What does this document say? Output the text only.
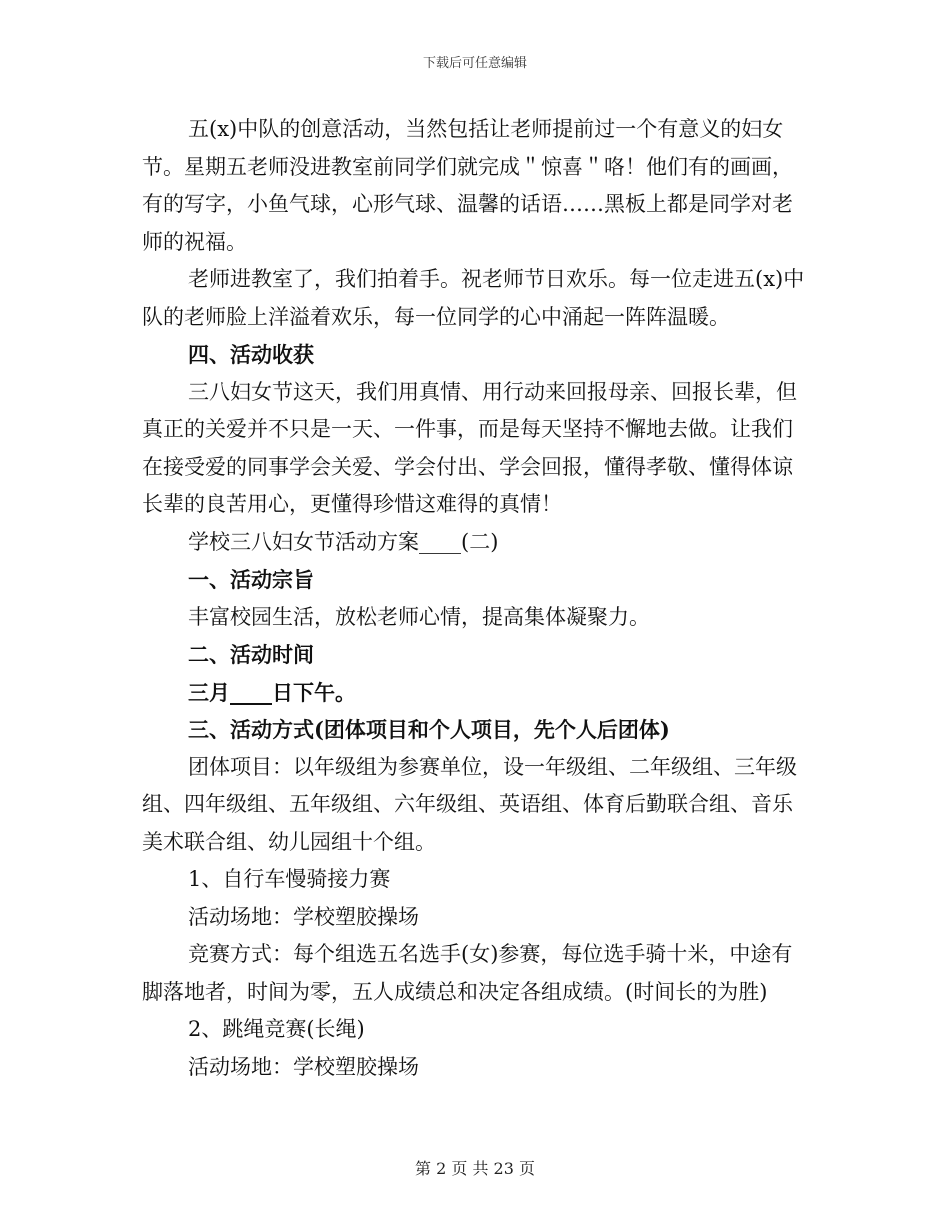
下载后可任意编辑

五(x)中队的创意活动，当然包括让老师提前过一个有意义的妇女节。星期五老师没进教室前同学们就完成＂惊喜＂咯！他们有的画画，有的写字，小鱼气球，心形气球、温馨的话语……黑板上都是同学对老师的祝福。

老师进教室了，我们拍着手。祝老师节日欢乐。每一位走进五(x)中队的老师脸上洋溢着欢乐，每一位同学的心中涌起一阵阵温暖。

四、活动收获

三八妇女节这天，我们用真情、用行动来回报母亲、回报长辈，但真正的关爱并不只是一天、一件事，而是每天坚持不懈地去做。让我们在接受爱的同事学会关爱、学会付出、学会回报，懂得孝敬、懂得体谅长辈的良苦用心，更懂得珍惜这难得的真情！

学校三八妇女节活动方案____(二)

一、活动宗旨

丰富校园生活，放松老师心情，提高集体凝聚力。

二、活动时间

三月____日下午。

三、活动方式(团体项目和个人项目，先个人后团体)

团体项目：以年级组为参赛单位，设一年级组、二年级组、三年级组、四年级组、五年级组、六年级组、英语组、体育后勤联合组、音乐美术联合组、幼儿园组十个组。

1、自行车慢骑接力赛

活动场地：学校塑胶操场

竞赛方式：每个组选五名选手(女)参赛，每位选手骑十米，中途有脚落地者，时间为零，五人成绩总和决定各组成绩。(时间长的为胜)

2、跳绳竞赛(长绳)

活动场地：学校塑胶操场

第 2 页 共 23 页
